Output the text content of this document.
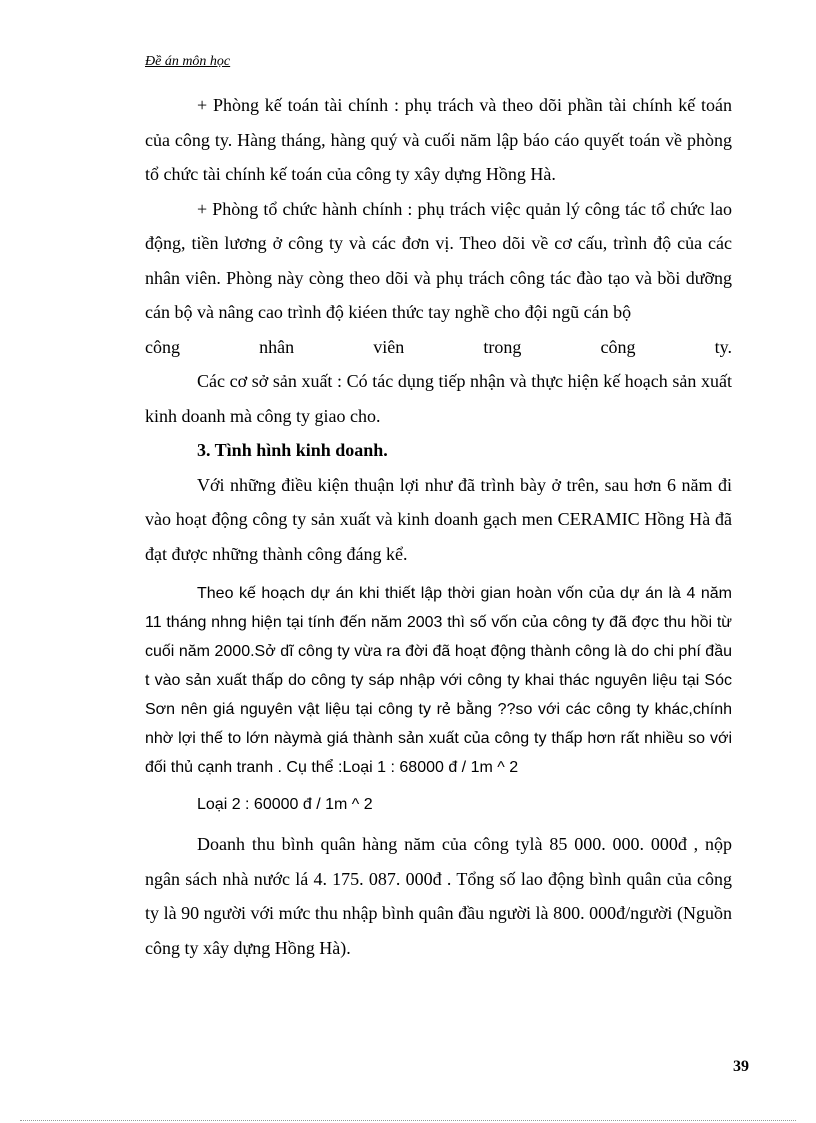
Đề án môn học

+ Phòng kế toán tài chính : phụ trách và theo dõi phần tài chính kế toán của công ty. Hàng tháng, hàng quý và cuối năm lập báo cáo quyết toán về phòng tổ chức tài chính kế toán của công ty xây dựng Hồng Hà.

+ Phòng tổ chức hành chính : phụ trách việc quản lý công tác tổ chức lao động, tiền lương ở công ty và các đơn vị. Theo dõi về cơ cấu, trình độ của các nhân viên. Phòng này còng theo dõi và phụ trách công tác đào tạo và bồi dưỡng cán bộ và nâng cao trình độ kiéen thức tay nghề cho đội ngũ cán bộ

công nhân viên trong công ty.

Các cơ sở sản xuất : Có tác dụng tiếp nhận và thực hiện kế hoạch sản xuất kinh doanh mà công ty giao cho.

3. Tình hình kinh doanh.

Với những điều kiện thuận lợi như đã trình bày ở trên, sau hơn 6 năm đi vào hoạt động công ty sản xuất và kinh doanh gạch men CERAMIC Hồng Hà đã đạt được những thành công đáng kể.

Theo kế hoạch dự án khi thiết lập thời gian hoàn vốn của dự án là 4 năm 11 tháng nhng hiện tại tính đến năm 2003 thì số vốn của công ty đã đợc thu hồi từ cuối năm 2000.Sở dĩ công ty vừa ra đời đã hoạt động thành công là do chi phí đầu t vào sản xuất thấp do công ty sáp nhập với công ty khai thác nguyên liệu tại Sóc Sơn nên giá nguyên vật liệu tại công ty rẻ bằng ??so với các công ty khác,chính nhờ lợi thế to lớn nàymà giá thành sản xuất của công ty thấp hơn rất nhiều so với đối thủ cạnh tranh . Cụ thể :Loại 1 : 68000 đ / 1m ^ 2

Loại 2 : 60000 đ / 1m ^ 2

Doanh thu bình quân hàng năm của công tylà 85 000. 000. 000đ , nộp ngân sách nhà nước lá 4. 175. 087. 000đ . Tổng số lao động bình quân của công ty là 90 người với mức thu nhập bình quân đầu người là 800. 000đ/người (Nguồn công ty xây dựng Hồng Hà).

39
